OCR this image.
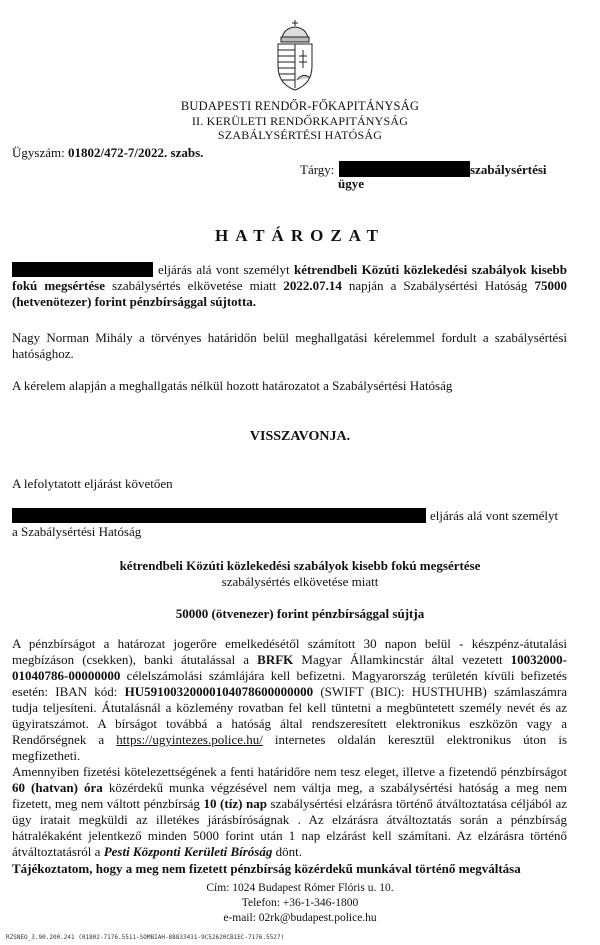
BUDAPESTI RENDŐR-FŐKAPITÁNYSÁG
II. KERÜLETI RENDŐRKAPITÁNYSÁG
SZABÁLYSÉRTÉSI HATÓSÁG
Ügyszám: 01802/472-7/2022. szabs.
Tárgy:	szabálysértési
ügye
HATÁROZAT
eljárás alá vont személyt kétrendbeli Közúti közlekedési szabályok kisebb fokú megsértése szabálysértés elkövetése miatt 2022.07.14 napján a Szabálysértési Hatóság 75000 (hetvenötezer) forint pénzbírsággal sújtotta.
Nagy Norman Mihály a törvényes határidőn belül meghallgatási kérelemmel fordult a szabálysértési hatósághoz.
A kérelem alapján a meghallgatás nélkül hozott határozatot a Szabálysértési Hatóság
VISSZAVONJA.
A lefolytatott eljárást követően
eljárás alá vont személyt
a Szabálysértési Hatóság
kétrendbeli Közúti közlekedési szabályok kisebb fokú megsértése
szabálysértés elkövetése miatt
50000 (ötvenezer) forint pénzbírsággal sújtja
A pénzbírságot a határozat jogerőre emelkedésétől számított 30 napon belül - készpénz-átutalási megbízáson (csekken), banki átutalással a BRFK Magyar Államkincstár által vezetett 10032000-01040786-00000000 célelszámolási számlájára kell befizetni. Magyarország területén kívüli befizetés esetén: IBAN kód: HU59100320000104078600000000 (SWIFT (BIC): HUSTHUHB) számlaszámra tudja teljesíteni. Átutalásnál a közlemény rovatban fel kell tüntetni a megbüntetett személy nevét és az ügyiratszámot. A bírságot továbbá a hatóság által rendszeresített elektronikus eszközön vagy a Rendőrségnek a https://ugyintezes.police.hu/ internetes oldalán keresztül elektronikus úton is megfizetheti.
Amennyiben fizetési kötelezettségének a fenti határidőre nem tesz eleget, illetve a fizetendő pénzbírságot 60 (hatvan) óra közérdekű munka végzésével nem váltja meg, a szabálysértési hatóság a meg nem fizetett, meg nem váltott pénzbírság 10 (tíz) nap szabálysértési elzárásra történő átváltoztatása céljából az ügy iratait megküldi az illetékes járásbíróságnak . Az elzárásra átváltoztatás során a pénzbírság hátralékaként jelentkező minden 5000 forint után 1 nap elzárást kell számítani. Az elzárásra történő átváltoztatásról a Pesti Központi Kerületi Bíróság dönt.
Tájékoztatom, hogy a meg nem fizetett pénzbírság közérdekű munkával történő megváltása
Cím: 1024 Budapest Rómer Flóris u. 10.
Telefon: +36-1-346-1800
e-mail: 02rk@budapest.police.hu
RZSNEO_3.90.200.241 (01802-7176.5511-SOMBIAH-88833431-9C52620CB1EC-7176.5527)
